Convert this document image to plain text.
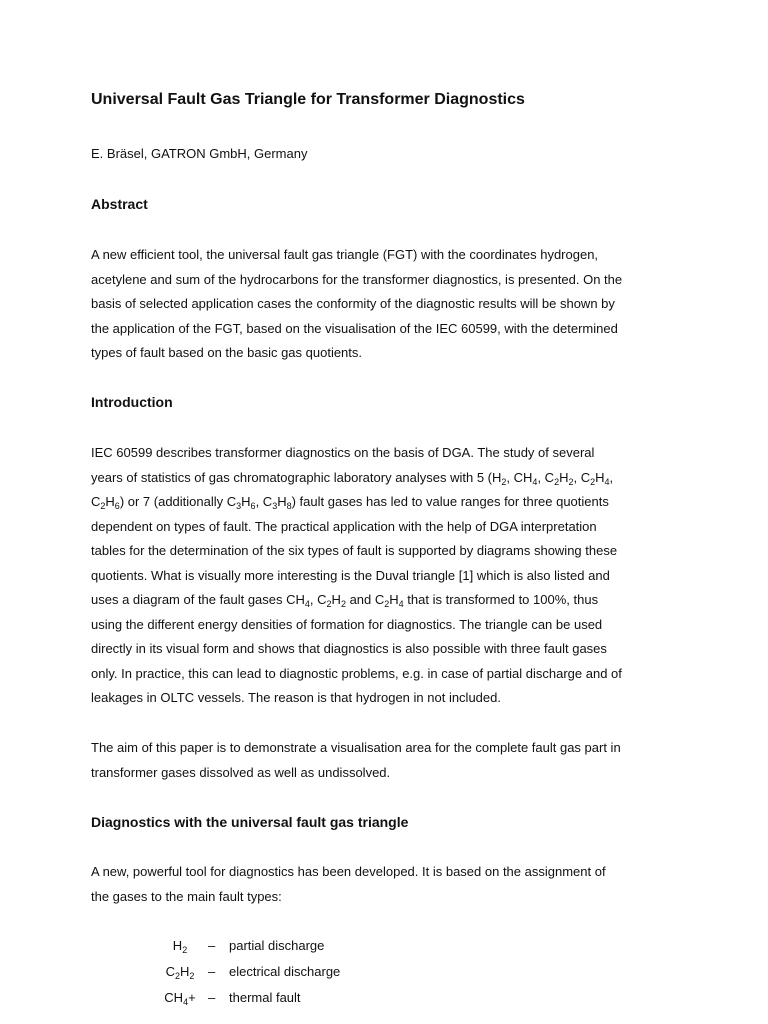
Universal Fault Gas Triangle for Transformer Diagnostics
E. Bräsel, GATRON GmbH, Germany
Abstract
A new efficient tool, the universal fault gas triangle (FGT) with the coordinates hydrogen,
acetylene and sum of the hydrocarbons for the transformer diagnostics, is presented. On the
basis of selected application cases the conformity of the diagnostic results will be shown by
the application of the FGT, based on the visualisation of the IEC 60599, with the determined
types of fault based on the basic gas quotients.
Introduction
IEC 60599 describes transformer diagnostics on the basis of DGA. The study of several
years of statistics of gas chromatographic laboratory analyses with 5 ($H_2$, $CH_4$, $C_2H_2$, $C_2H_4$,
$C_2H_6$) or 7 (additionally $C_3H_6$, $C_3H_8$) fault gases has led to value ranges for three quotients
dependent on types of fault. The practical application with the help of DGA interpretation
tables for the determination of the six types of fault is supported by diagrams showing these
quotients. What is visually more interesting is the Duval triangle [1] which is also listed and
uses a diagram of the fault gases $CH_4$, $C_2H_2$ and $C_2H_4$ that is transformed to 100%, thus
using the different energy densities of formation for diagnostics. The triangle can be used
directly in its visual form and shows that diagnostics is also possible with three fault gases
only. In practice, this can lead to diagnostic problems, e.g. in case of partial discharge and of
leakages in OLTC vessels. The reason is that hydrogen in not included.
The aim of this paper is to demonstrate a visualisation area for the complete fault gas part in
transformer gases dissolved as well as undissolved.
Diagnostics with the universal fault gas triangle
A new, powerful tool for diagnostics has been developed. It is based on the assignment of
the gases to the main fault types:
$H_2$	– partial discharge
$C_2H_2$	– electrical discharge
$CH_4+$ – thermal fault
